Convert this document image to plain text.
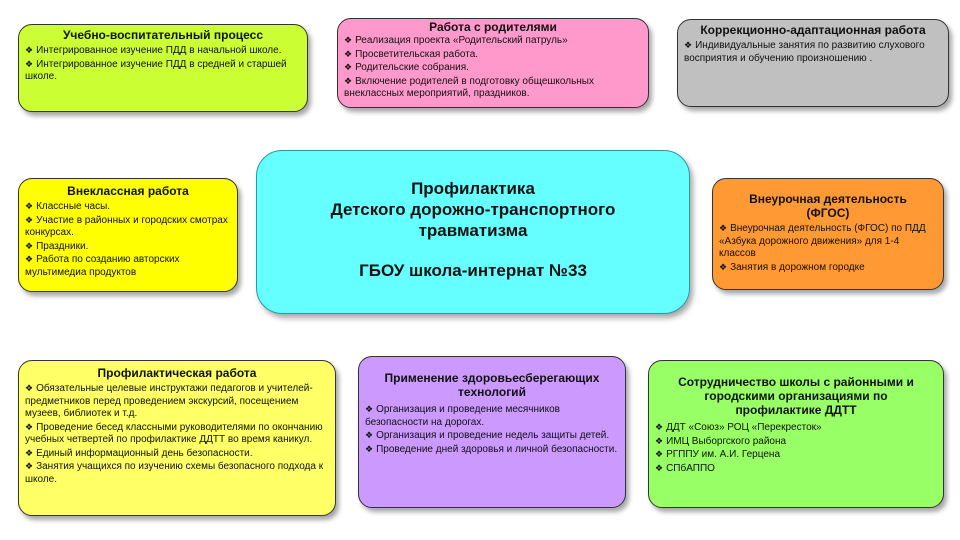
Учебно-воспитательный процесс
❖ Интегрированное изучение ПДД в начальной школе.
❖ Интегрированное изучение ПДД в средней и старшей школе.
Работа с родителями
❖ Реализация проекта «Родительский патруль»
❖ Просветительская работа.
❖ Родительские собрания.
❖ Включение родителей в подготовку общешкольных внеклассных мероприятий, праздников.
Коррекционно-адаптационная работа
❖ Индивидуальные занятия по развитию слухового восприятия и обучению произношению .
Внеклассная работа
❖ Классные часы.
❖ Участие в районных и городских смотрах конкурсах.
❖ Праздники.
❖ Работа по созданию авторских мультимедиа продуктов
Профилактика
Детского дорожно-транспортного
травматизма
ГБОУ школа-интернат №33
Внеурочная деятельность (ФГОС)
❖ Внеурочная деятельность (ФГОС) по ПДД «Азбука дорожного движения» для 1-4 классов
❖ Занятия в дорожном городке
Профилактическая работа
❖ Обязательные целевые инструктажи педагогов и учителей-предметников перед проведением экскурсий, посещением музеев, библиотек и т.д.
❖ Проведение бесед классными руководителями по окончанию учебных четвертей по профилактике ДДТТ во время каникул.
❖ Единый информационный день безопасности.
❖ Занятия учащихся по изучению схемы безопасного подхода к школе.
Применение здоровьесберегающих технологий
❖ Организация и проведение месячников безопасности на дорогах.
❖ Организация и проведение недель защиты детей.
❖ Проведение дней здоровья и личной безопасности.
Сотрудничество школы с районными и городскими организациями по профилактике ДДТТ
❖ ДДТ «Союз» РОЦ «Перекресток»
❖ ИМЦ Выборгского района
❖ РГППУ им. А.И. Герцена
❖ СПбАППО
